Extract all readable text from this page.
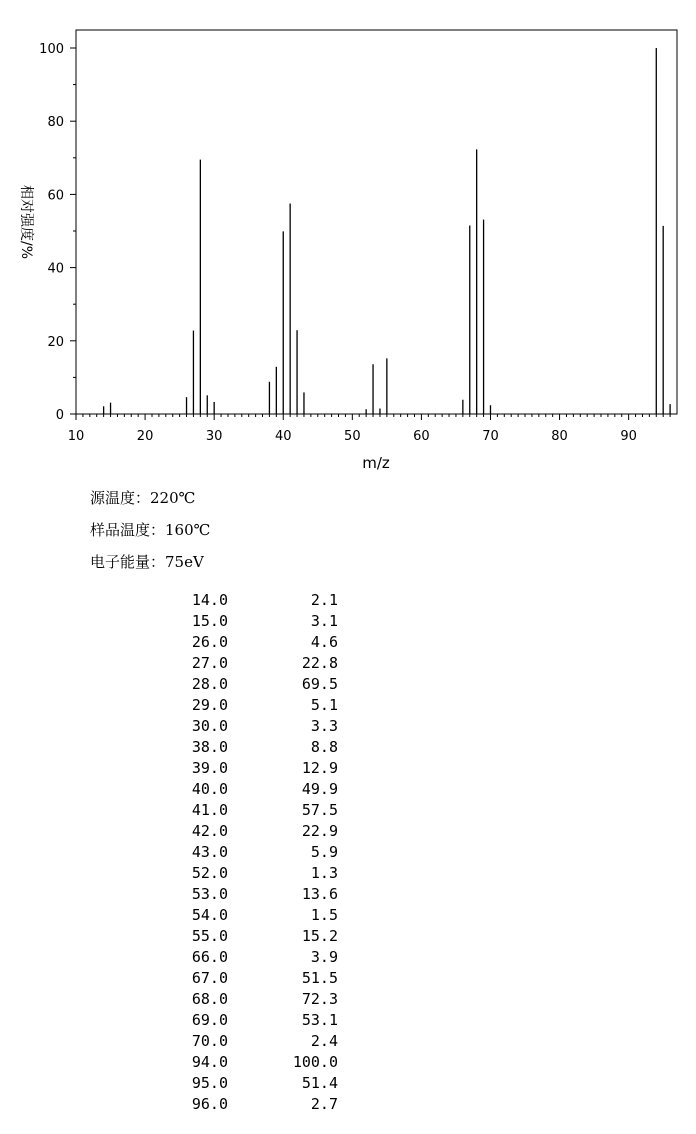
0
20
40
60
80
100
10	20	30	40	50	60	70	80	90
m/z
相对强度/%
源温度：220℃
样品温度：160℃
电子能量：75eV
14.0	2.1
15.0	3.1
26.0	4.6
27.0	22.8
28.0	69.5
29.0	5.1
30.0	3.3
38.0	8.8
39.0	12.9
40.0	49.9
41.0	57.5
42.0	22.9
43.0	5.9
52.0	1.3
53.0	13.6
54.0	1.5
55.0	15.2
66.0	3.9
67.0	51.5
68.0	72.3
69.0	53.1
70.0	2.4
94.0	100.0
95.0	51.4
96.0	2.7
